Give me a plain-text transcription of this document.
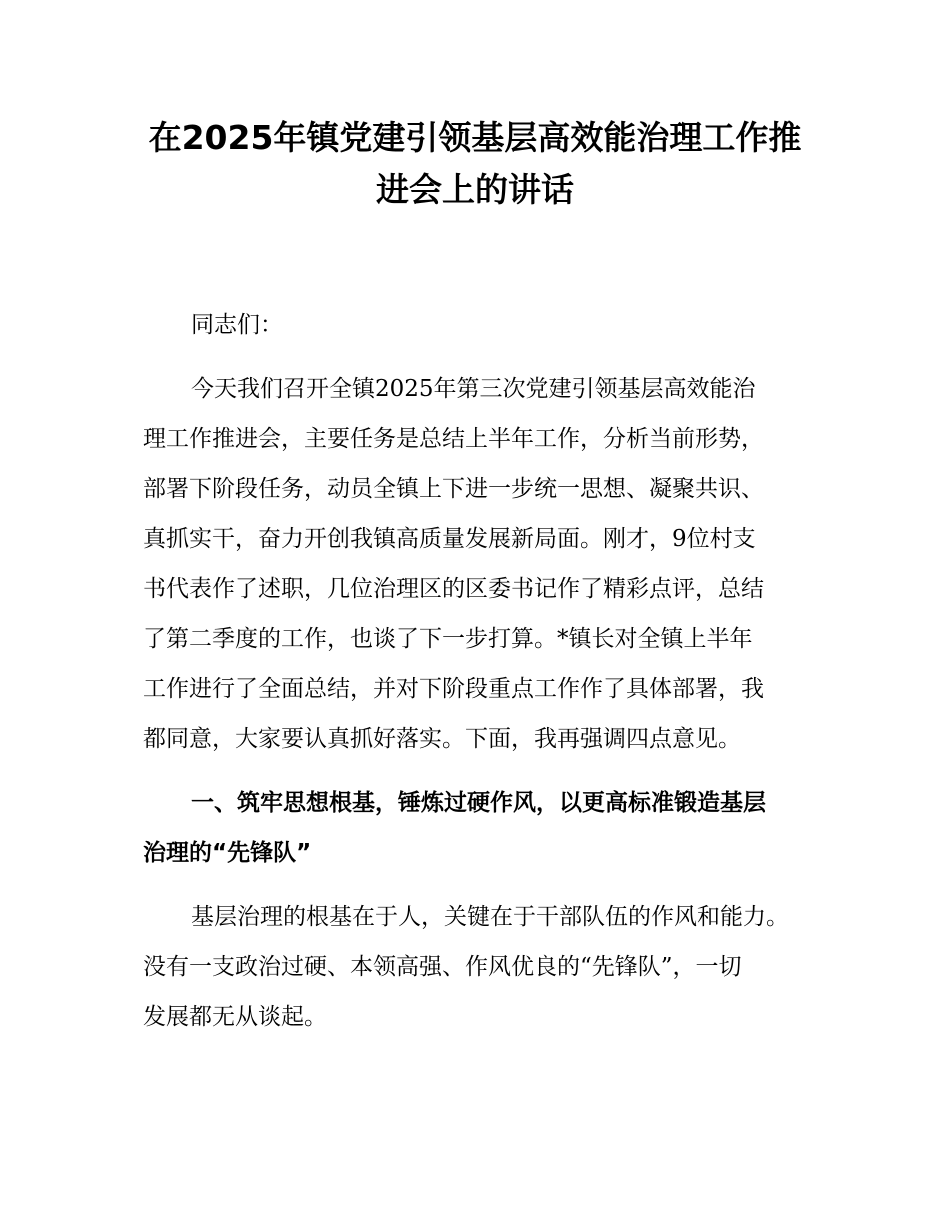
在2025年镇党建引领基层高效能治理工作推
进会上的讲话

同志们：

今天我们召开全镇2025年第三次党建引领基层高效能治
理工作推进会，主要任务是总结上半年工作，分析当前形势，
部署下阶段任务，动员全镇上下进一步统一思想、凝聚共识、
真抓实干，奋力开创我镇高质量发展新局面。刚才，9位村支
书代表作了述职，几位治理区的区委书记作了精彩点评，总结
了第二季度的工作，也谈了下一步打算。*镇长对全镇上半年
工作进行了全面总结，并对下阶段重点工作作了具体部署，我
都同意，大家要认真抓好落实。下面，我再强调四点意见。

一、筑牢思想根基，锤炼过硬作风，以更高标准锻造基层
治理的“先锋队”

基层治理的根基在于人，关键在于干部队伍的作风和能力。
没有一支政治过硬、本领高强、作风优良的“先锋队”，一切
发展都无从谈起。
